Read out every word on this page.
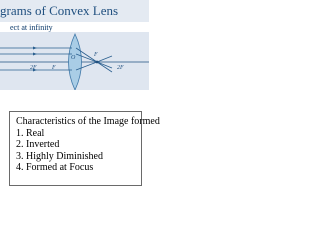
grams of Convex Lens
ect at infinity
2F	F
O	F
2F
Characteristics of the Image formed
1. Real
2. Inverted
3. Highly Diminished
4. Formed at Focus
